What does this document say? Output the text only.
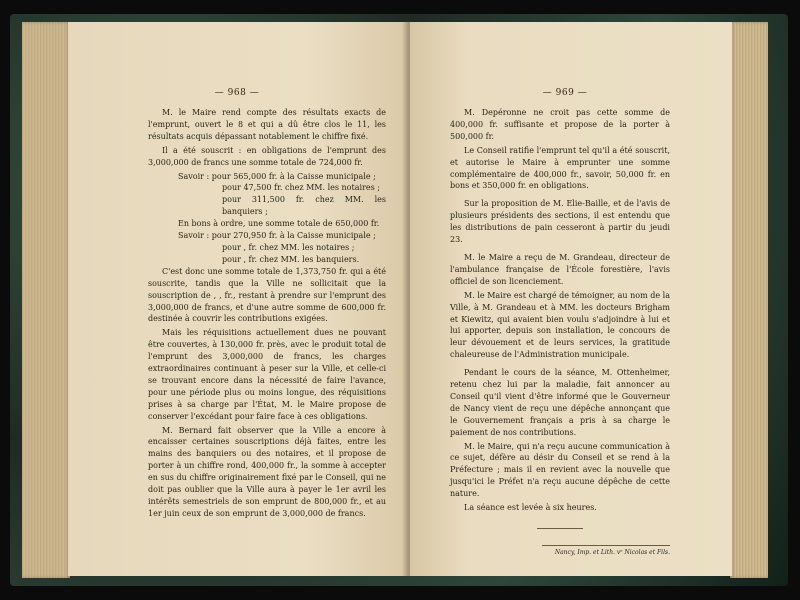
— 968 —

M. le Maire rend compte des résultats exacts de l'emprunt, ouvert le 8 et qui a dû être clos le 11, les résultats acquis dépassant notablement le chiffre fixé.

Il a été souscrit : en obligations de l'emprunt des 3,000,000 de francs une somme totale de 724,000 fr.

Savoir : pour 565,000 fr. à la Caisse municipale ;

pour 47,500 fr. chez MM. les notaires ;

pour 311,500 fr. chez MM. les banquiers ;

En bons à ordre, une somme totale de 650,000 fr.

Savoir : pour 270,950 fr. à la Caisse municipale ;

pour , fr. chez MM. les notaires ;

pour , fr. chez MM. les banquiers.

C'est donc une somme totale de 1,373,750 fr. qui a été souscrite, tandis que la Ville ne sollicitait que la souscription de , , fr., restant à prendre sur l'emprunt des 3,000,000 de francs, et d'une autre somme de 600,000 fr. destinée à couvrir les contributions exigées.

Mais les réquisitions actuellement dues ne pouvant être couvertes, à 130,000 fr. près, avec le produit total de l'emprunt des 3,000,000 de francs, les charges extraordinaires continuant à peser sur la Ville, et celle-ci se trouvant encore dans la nécessité de faire l'avance, pour une période plus ou moins longue, des réquisitions prises à sa charge par l'État, M. le Maire propose de conserver l'excédant pour faire face à ces obligations.

M. Bernard fait observer que la Ville a encore à encaisser certaines souscriptions déjà faites, entre les mains des banquiers ou des notaires, et il propose de porter à un chiffre rond, 400,000 fr., la somme à accepter en sus du chiffre originairement fixé par le Conseil, qui ne doit pas oublier que la Ville aura à payer le 1er avril les intérêts semestriels de son emprunt de 800,000 fr., et au 1er juin ceux de son emprunt de 3,000,000 de francs.

— 969 —

M. Depéronne ne croit pas cette somme de 400,000 fr. suffisante et propose de la porter à 500,000 fr.

Le Conseil ratifie l'emprunt tel qu'il a été souscrit, et autorise le Maire à emprunter une somme complémentaire de 400,000 fr., savoir, 50,000 fr. en bons et 350,000 fr. en obligations.

Sur la proposition de M. Elie-Baille, et de l'avis de plusieurs présidents des sections, il est entendu que les distributions de pain cesseront à partir du jeudi 23.

M. le Maire a reçu de M. Grandeau, directeur de l'ambulance française de l'École forestière, l'avis officiel de son licenciement.

M. le Maire est chargé de témoigner, au nom de la Ville, à M. Grandeau et à MM. les docteurs Brigham et Kiewitz, qui avaient bien voulu s'adjoindre à lui et lui apporter, depuis son installation, le concours de leur dévouement et de leurs services, la gratitude chaleureuse de l'Administration municipale.

Pendant le cours de la séance, M. Ottenheimer, retenu chez lui par la maladie, fait annoncer au Conseil qu'il vient d'être informé que le Gouverneur de Nancy vient de reçu une dépêche annonçant que le Gouvernement français a pris à sa charge le paiement de nos contributions.

M. le Maire, qui n'a reçu aucune communication à ce sujet, défère au désir du Conseil et se rend à la Préfecture ; mais il en revient avec la nouvelle que jusqu'ici le Préfet n'a reçu aucune dépêche de cette nature.

La séance est levée à six heures.

Nancy, Imp. et Lith. vᵉ Nicolas et Fils.
